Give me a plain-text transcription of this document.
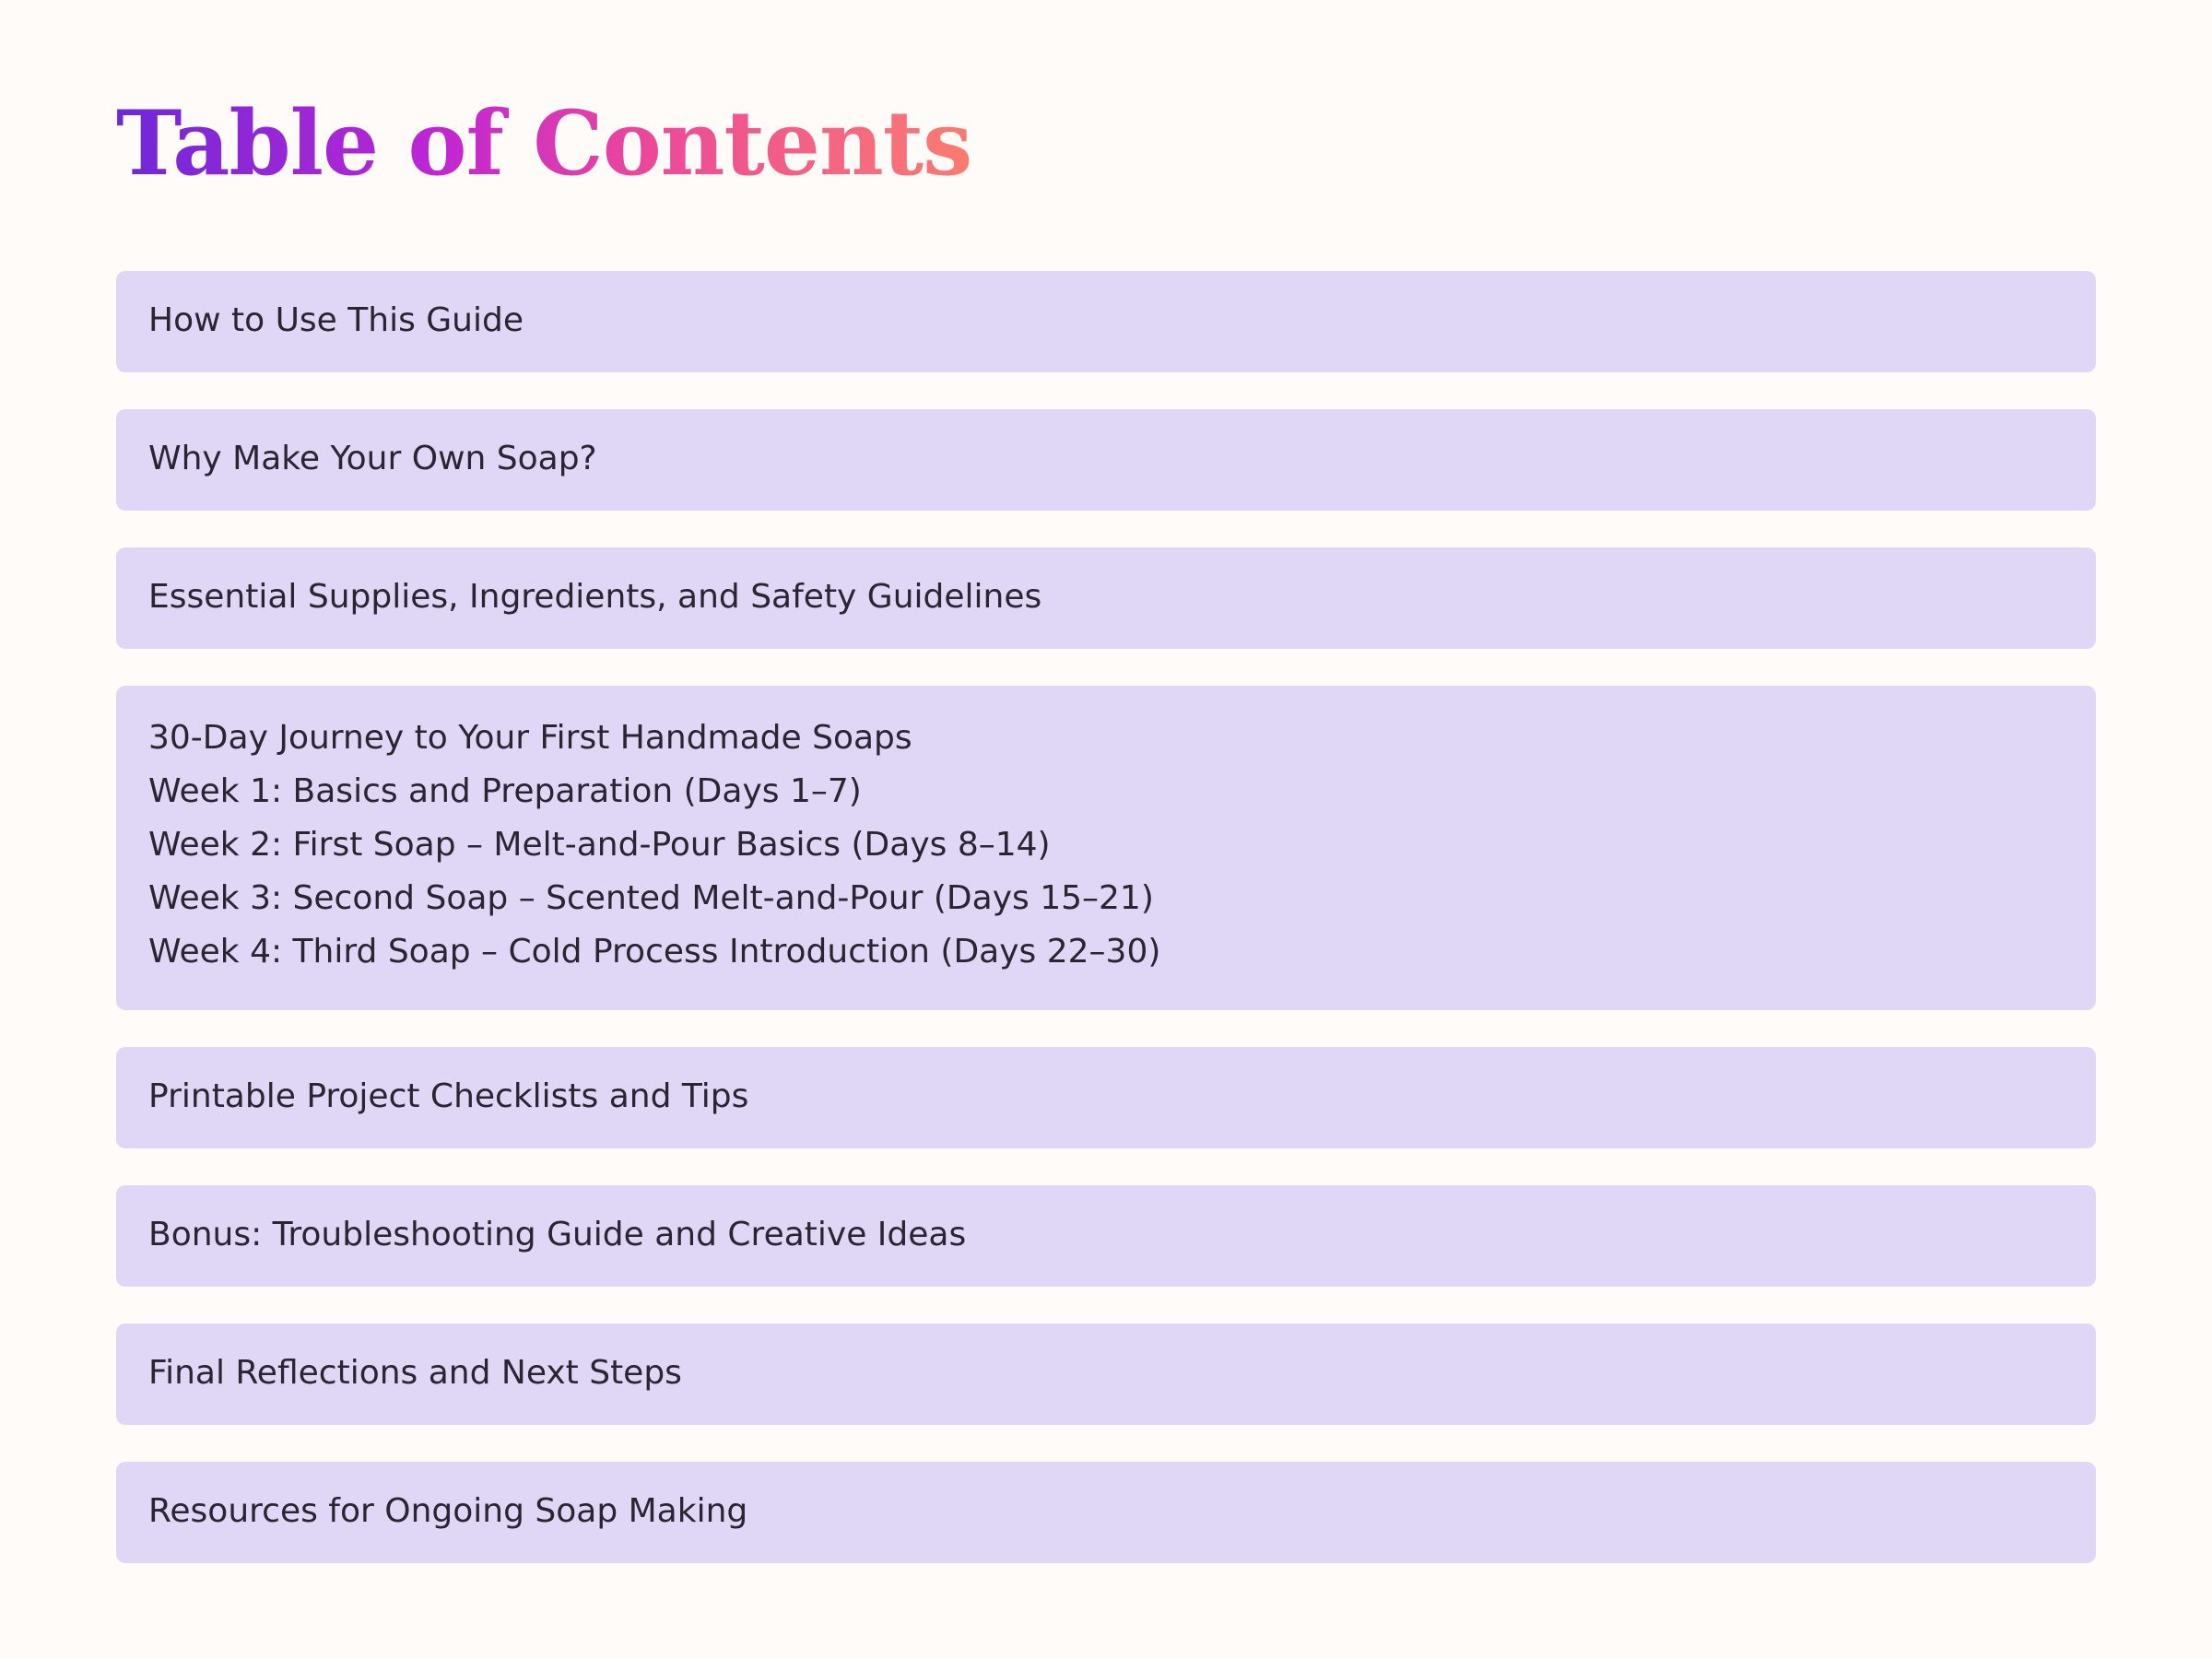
Table of Contents
How to Use This Guide
Why Make Your Own Soap?
Essential Supplies, Ingredients, and Safety Guidelines
30-Day Journey to Your First Handmade Soaps
Week 1: Basics and Preparation (Days 1–7)
Week 2: First Soap – Melt-and-Pour Basics (Days 8–14)
Week 3: Second Soap – Scented Melt-and-Pour (Days 15–21)
Week 4: Third Soap – Cold Process Introduction (Days 22–30)
Printable Project Checklists and Tips
Bonus: Troubleshooting Guide and Creative Ideas
Final Reflections and Next Steps
Resources for Ongoing Soap Making
